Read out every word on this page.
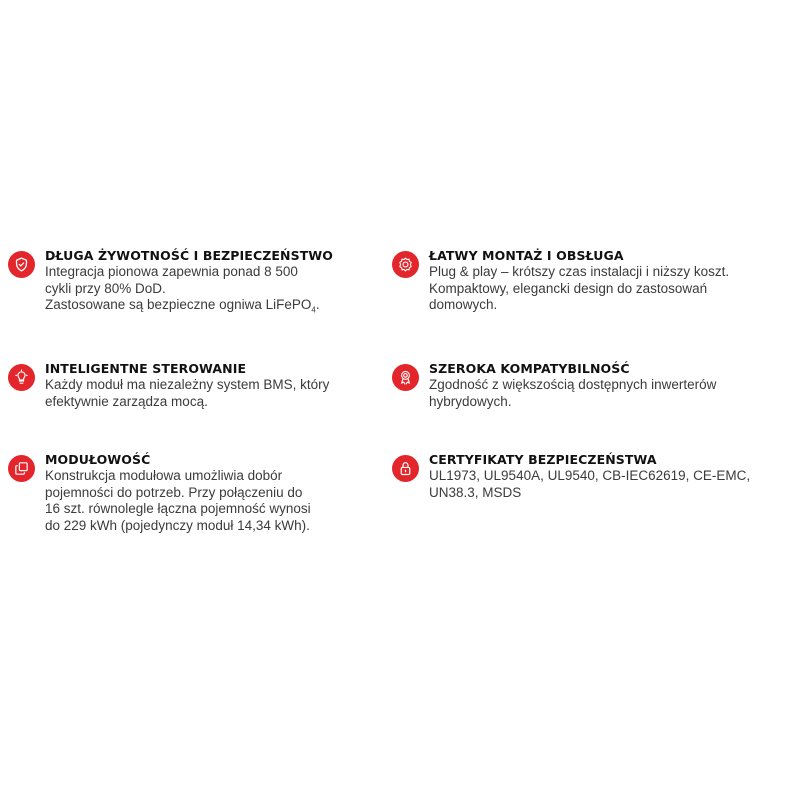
DŁUGA ŻYWOTNOŚĆ I BEZPIECZEŃSTWO
Integracja pionowa zapewnia ponad 8 500
cykli przy 80% DoD.
Zastosowane są bezpieczne ogniwa LiFePO$_4$.
ŁATWY MONTAŻ I OBSŁUGA
Plug & play – krótszy czas instalacji i niższy koszt.
Kompaktowy, elegancki design do zastosowań
domowych.
INTELIGENTNE STEROWANIE
Każdy moduł ma niezależny system BMS, który
efektywnie zarządza mocą.
SZEROKA KOMPATYBILNOŚĆ
Zgodność z większością dostępnych inwerterów
hybrydowych.
MODUŁOWOŚĆ
Konstrukcja modułowa umożliwia dobór
pojemności do potrzeb. Przy połączeniu do
16 szt. równolegle łączna pojemność wynosi
do 229 kWh (pojedynczy moduł 14,34 kWh).
CERTYFIKATY BEZPIECZEŃSTWA
UL1973, UL9540A, UL9540, CB-IEC62619, CE-EMC,
UN38.3, MSDS
